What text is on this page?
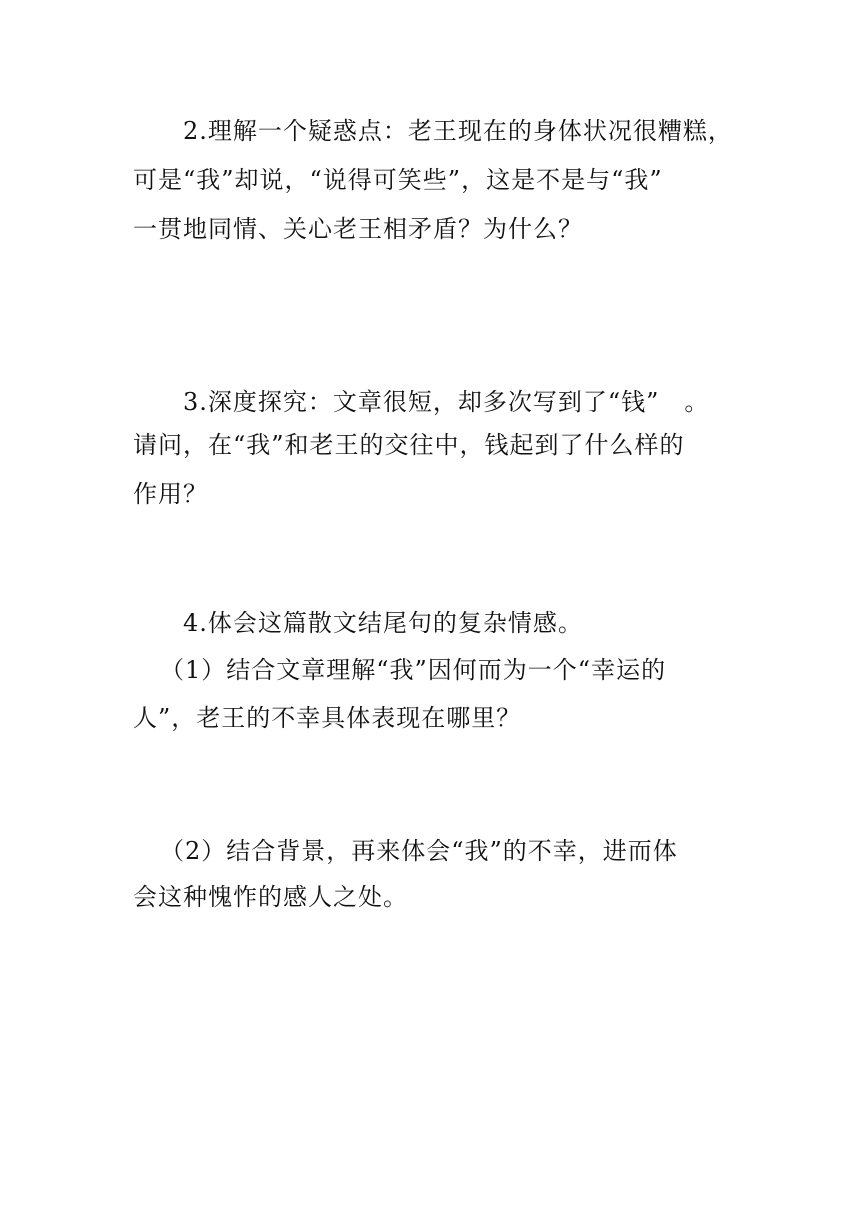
2.理解一个疑惑点：老王现在的身体状况很糟糕，
可是“我”却说，“说得可笑些”，这是不是与“我”
一贯地同情、关心老王相矛盾？为什么？
3.深度探究：文章很短，却多次写到了“钱”　。
请问，在“我”和老王的交往中，钱起到了什么样的
作用？
4.体会这篇散文结尾句的复杂情感。
（1）结合文章理解“我”因何而为一个“幸运的
人”，老王的不幸具体表现在哪里？
（2）结合背景，再来体会“我”的不幸，进而体
会这种愧怍的感人之处。
